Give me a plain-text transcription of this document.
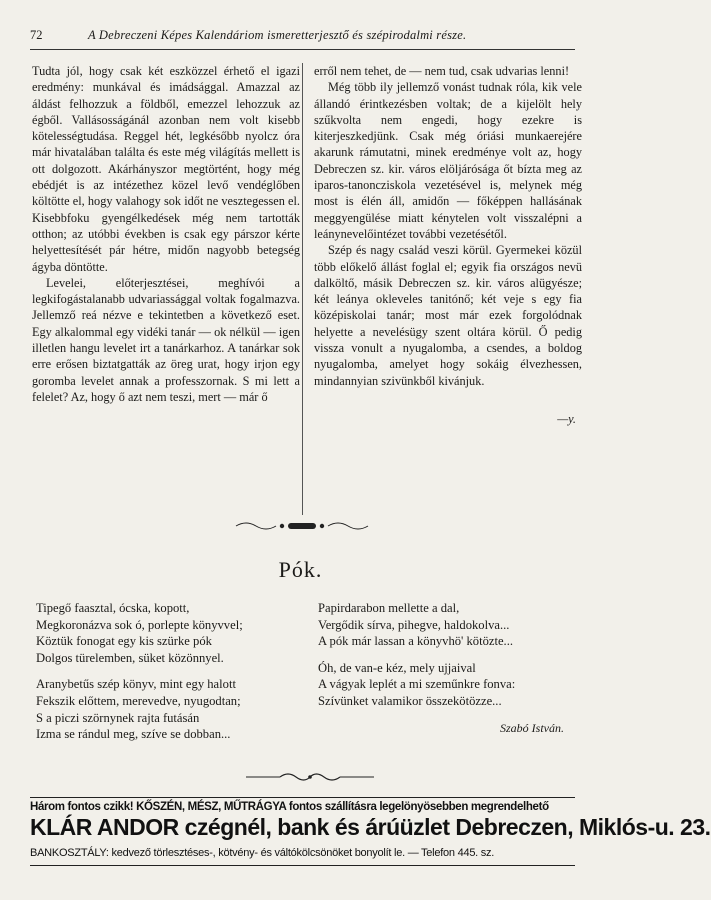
72	A Debreczeni Képes Kalendáriom ismeretterjesztő és szépirodalmi része.

Tudta jól, hogy csak két eszközzel érhető el igazi eredmény: munkával és imádsággal. Amazzal az áldást felhozzuk a földből, emezzel lehozzuk az égből. Vallásosságánál azonban nem volt kisebb kötelességtudása. Reggel hét, legkésőbb nyolcz óra már hivatalában találta és este még világítás mellett is ott dolgozott. Akárhányszor megtörtént, hogy még ebédjét is az intézethez közel levő vendéglőben költötte el, hogy valahogy sok időt ne vesztegessen el. Kisebbfoku gyengélkedések még nem tartották otthon; az utóbbi években is csak egy párszor kérte helyettesítését pár hétre, midőn nagyobb betegség ágyba döntötte.

Levelei, előterjesztései, meghívói a legkifogástalanabb udvariassággal voltak fogalmazva. Jellemző reá nézve e tekintetben a következő eset. Egy alkalommal egy vidéki tanár — ok nélkül — igen illetlen hangu levelet irt a tanárkarhoz. A tanárkar sok erre erősen biztatgatták az öreg urat, hogy irjon egy goromba levelet annak a professzornak. S mi lett a felelet? Az, hogy ő azt nem teszi, mert — már ő

erről nem tehet, de — nem tud, csak udvarias lenni!

Még több ily jellemző vonást tudnak róla, kik vele állandó érintkezésben voltak; de a kijelölt hely szűkvolta nem engedi, hogy ezekre is kiterjeszkedjünk. Csak még óriási munkaerejére akarunk rámutatni, minek eredménye volt az, hogy Debreczen sz. kir. város elöljárósága őt bízta meg az iparos-tanoncziskola vezetésével is, melynek még most is élén áll, amidőn — főképpen hallásának meggyengülése miatt kénytelen volt visszalépni a leánynevelőintézet további vezetésétől.

Szép és nagy család veszi körül. Gyermekei közül több előkelő állást foglal el; egyik fia országos nevü dalköltő, másik Debreczen sz. kir. város alügyésze; két leánya okleveles tanitónő; két veje s egy fia középiskolai tanár; most már ezek forgolódnak helyette a nevelésügy szent oltára körül. Ő pedig vissza vonult a nyugalomba, a csendes, a boldog nyugalomba, amelyet hogy sokáig élvezhessen, mindannyian szivünkből kivánjuk.

—y.
Pók.
Tipegő faasztal, ócska, kopott,
Megkoronázva sok ó, porlepte könyvvel;
Köztük fonogat egy kis szürke pók
Dolgos türelemben, süket közönnyel.
Aranybetűs szép könyv, mint egy halott
Fekszik előttem, merevedve, nyugodtan;
S a piczi szörnynek rajta futásán
Izma se rándul meg, szíve se dobban...
Papirdarabon mellette a dal,
Vergődik sírva, pihegve, haldokolva...
A pók már lassan a könyvhö' kötözte...
Óh, de van-e kéz, mely ujjaival
A vágyak leplét a mi szeműnkre fonva:
Szívünket valamikor összekötözze...
Szabó István.
Három fontos czikk! KŐSZÉN, MÉSZ, MŰTRÁGYA fontos szállításra legelönyösebben megrendelhető
KLÁR ANDOR czégnél, bank és árúüzlet Debreczen, Miklós-u. 23.
BANKOSZTÁLY: kedvező törlesztéses-, kötvény- és váltókölcsönöket bonyolít le. — Telefon 445. sz.
